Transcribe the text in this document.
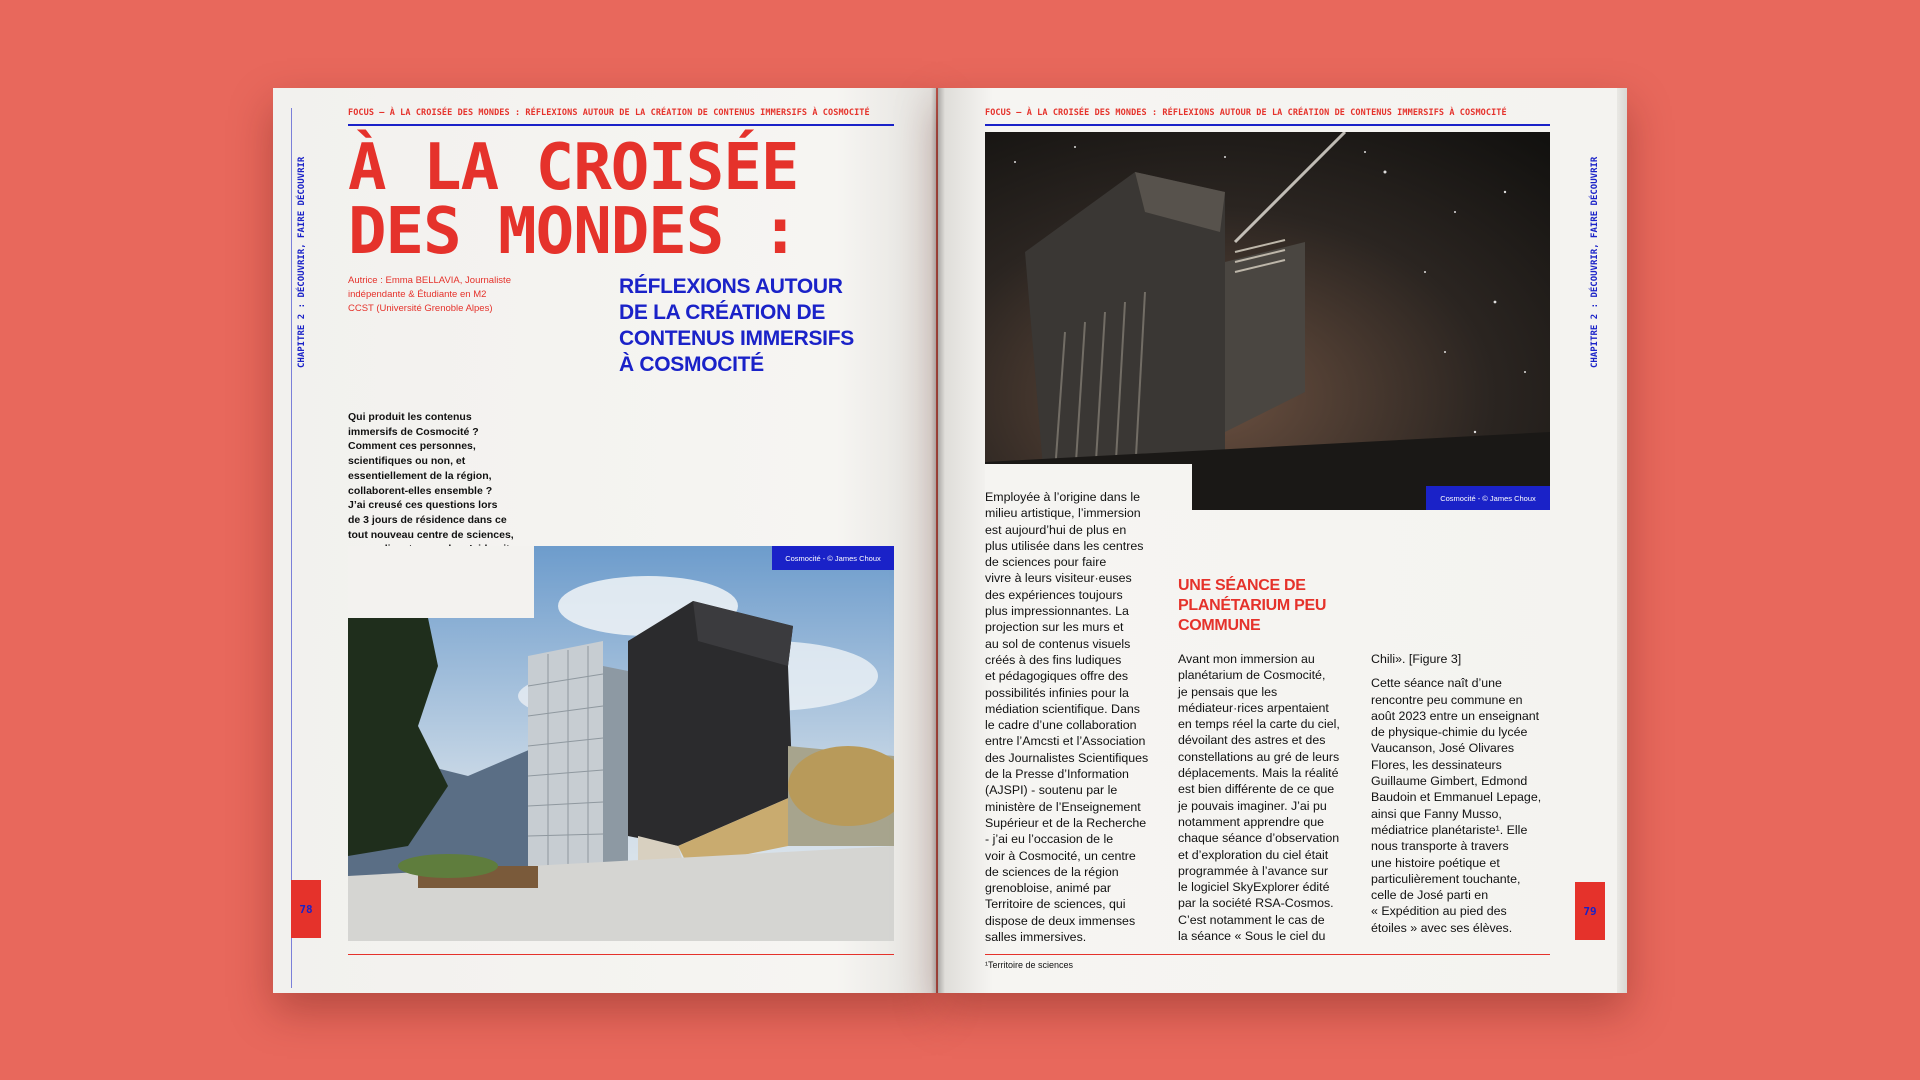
FOCUS – À LA CROISÉE DES MONDES : RÉFLEXIONS AUTOUR DE LA CRÉATION DE CONTENUS IMMERSIFS À COSMOCITÉ
CHAPITRE 2 : DÉCOUVRIR, FAIRE DÉCOUVRIR À LA CROISÉE
DES MONDES :
Autrice : Emma BELLAVIA, Journaliste
indépendante & Étudiante en M2
CCST (Université Grenoble Alpes)
RÉFLEXIONS AUTOUR
DE LA CRÉATION DE
CONTENUS IMMERSIFS
À COSMOCITÉ
Qui produit les contenus
immersifs de Cosmocité ?
Comment ces personnes,
scientifiques ou non, et
essentiellement de la région,
collaborent-elles ensemble ?
J’ai creusé ces questions lors
de 3 jours de résidence dans ce
tout nouveau centre de sciences,
Cosmocité - © James Choux
78
FOCUS – À LA CROISÉE DES MONDES : RÉFLEXIONS AUTOUR DE LA CRÉATION DE CONTENUS IMMERSIFS À COSMOCITÉ
CHAPITRE 2 : DÉCOUVRIR, FAIRE DÉCOUVRIR
Cosmocité - © James Choux
Employée à l’origine dans le
milieu artistique, l’immersion
est aujourd’hui de plus en
plus utilisée dans les centres
de sciences pour faire
vivre à leurs visiteur·euses
des expériences toujours
plus impressionnantes. La
projection sur les murs et
au sol de contenus visuels
créés à des fins ludiques
et pédagogiques offre des
possibilités infinies pour la
médiation scientifique. Dans
le cadre d’une collaboration
entre l’Amcsti et l’Association
des Journalistes Scientifiques
de la Presse d’Information
(AJSPI) - soutenu par le
ministère de l’Enseignement
Supérieur et de la Recherche
- j’ai eu l’occasion de le
voir à Cosmocité, un centre
de sciences de la région
grenobloise, animé par
Territoire de sciences, qui
dispose de deux immenses
salles immersives.
UNE SÉANCE DE
PLANÉTARIUM PEU
COMMUNE
Avant mon immersion au
planétarium de Cosmocité,
je pensais que les
médiateur·rices arpentaient
en temps réel la carte du ciel,
dévoilant des astres et des
constellations au gré de leurs
déplacements. Mais la réalité
est bien différente de ce que
je pouvais imaginer. J’ai pu
notamment apprendre que
chaque séance d’observation
et d’exploration du ciel était
programmée à l’avance sur
le logiciel SkyExplorer édité
par la société RSA-Cosmos.
C’est notamment le cas de
la séance « Sous le ciel du
Chili». [Figure 3]
Cette séance naît d’une
rencontre peu commune en
août 2023 entre un enseignant
de physique-chimie du lycée
Vaucanson, José Olivares
Flores, les dessinateurs
Guillaume Gimbert, Edmond
Baudoin et Emmanuel Lepage,
ainsi que Fanny Musso,
médiatrice planétariste¹. Elle
nous transporte à travers
une histoire poétique et
particulièrement touchante,
celle de José parti en
« Expédition au pied des
étoiles » avec ses élèves.
¹Territoire de sciences
79
